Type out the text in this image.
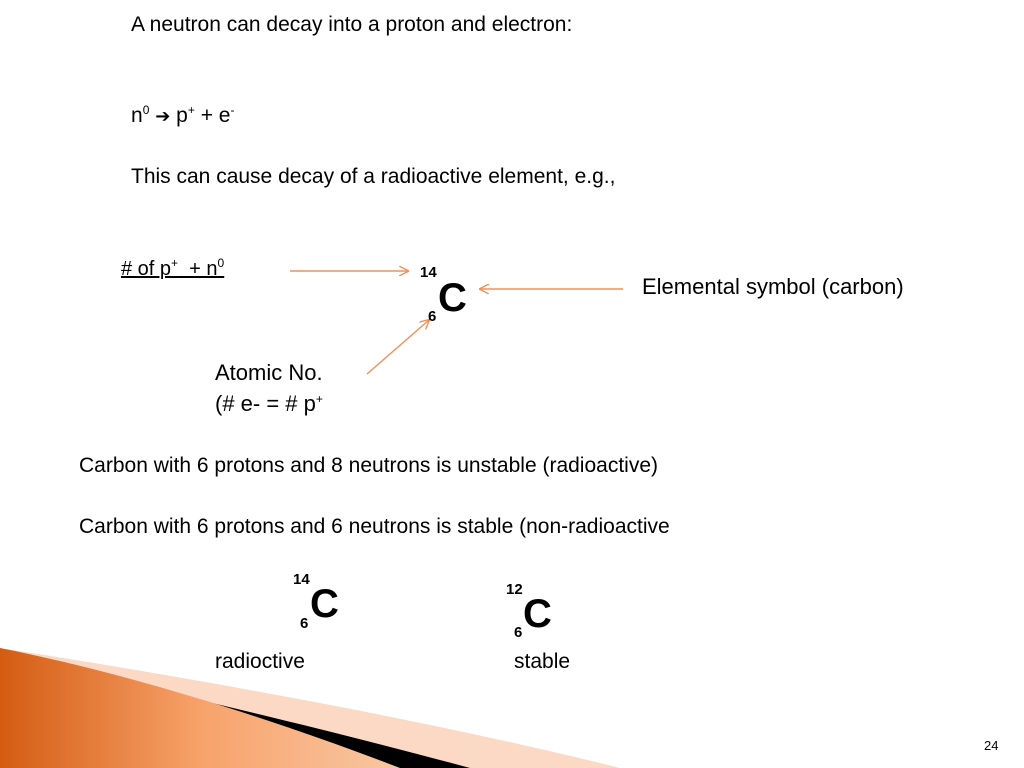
A neutron can decay into a proton and electron:
$n^0$ ➔ p+ + e-
This can cause decay of a radioactive element, e.g.,
# of $p^+ + n^0$
14
C
6
Elemental symbol (carbon)
Atomic No.
(# e- = # p+
Carbon with 6 protons and 8 neutrons is unstable (radioactive)
Carbon with 6 protons and 6 neutrons is stable (non-radioactive
14
C
6
radioctive
12
C
6
stable
24
